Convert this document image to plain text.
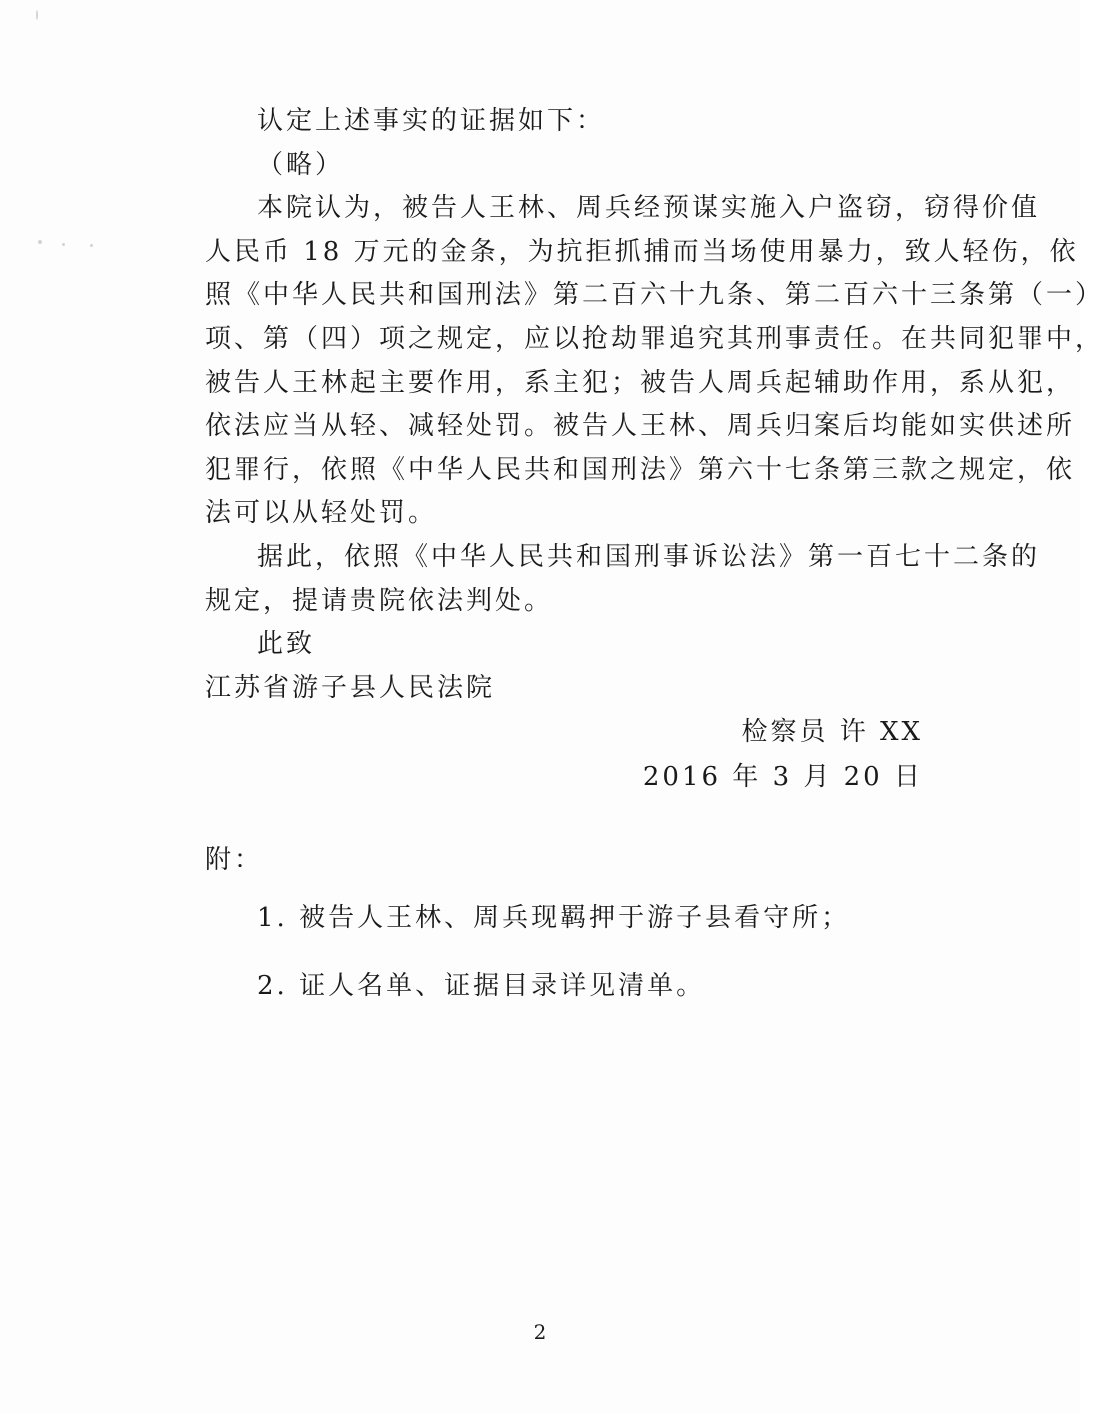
认定上述事实的证据如下：
（略）
本院认为，被告人王林、周兵经预谋实施入户盗窃，窃得价值
人民币 18 万元的金条，为抗拒抓捕而当场使用暴力，致人轻伤，依
照《中华人民共和国刑法》第二百六十九条、第二百六十三条第（一）
项、第（四）项之规定，应以抢劫罪追究其刑事责任。在共同犯罪中，
被告人王林起主要作用，系主犯；被告人周兵起辅助作用，系从犯，
依法应当从轻、减轻处罚。被告人王林、周兵归案后均能如实供述所
犯罪行，依照《中华人民共和国刑法》第六十七条第三款之规定，依
法可以从轻处罚。
据此，依照《中华人民共和国刑事诉讼法》第一百七十二条的
规定，提请贵院依法判处。
此致
江苏省游子县人民法院
检察员 许 XX
2016 年 3 月 20 日
附：
1. 被告人王林、周兵现羁押于游子县看守所；
2. 证人名单、证据目录详见清单。
2
